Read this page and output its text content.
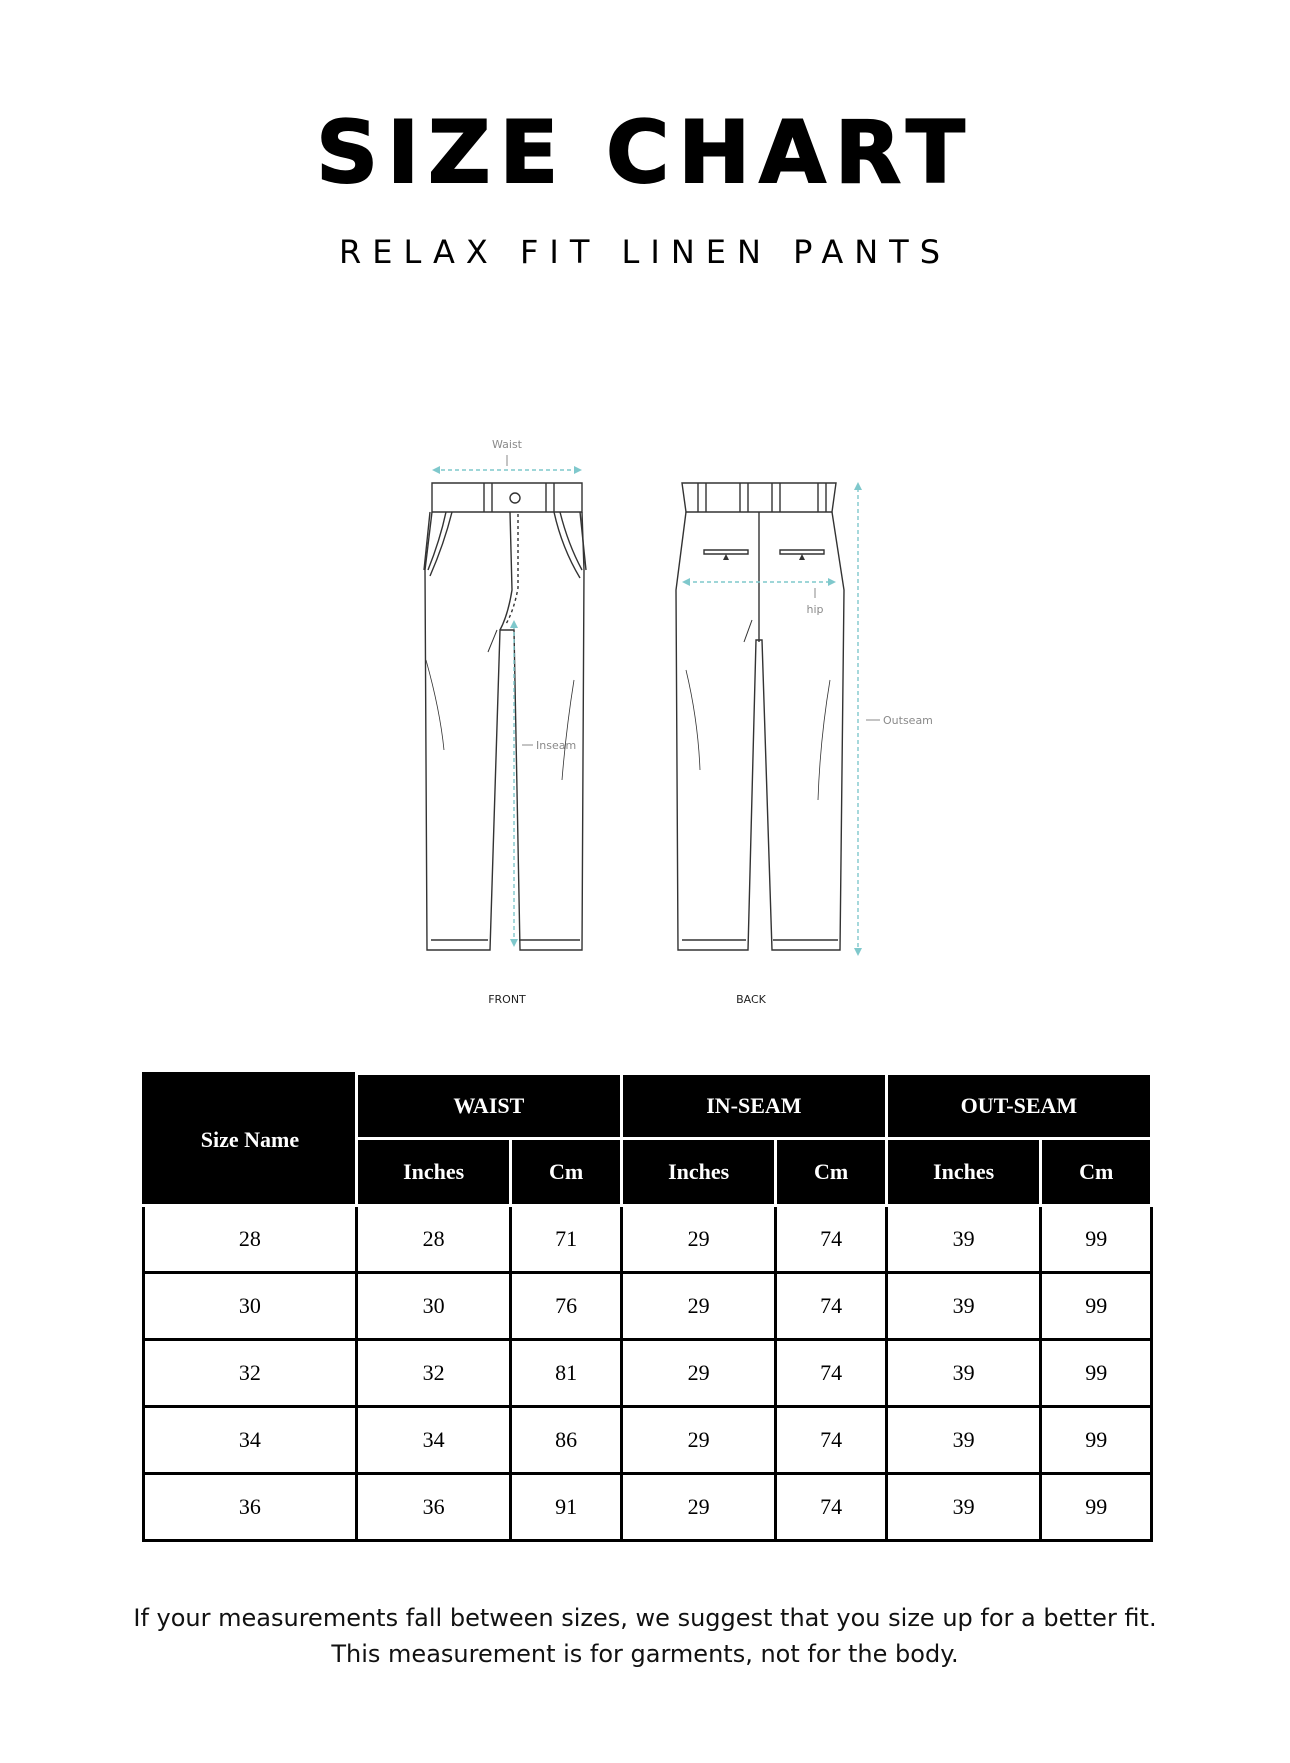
SIZE CHART
RELAX FIT LINEN PANTS
Waist
Inseam
FRONT
hip
Outseam
BACK
Size Name	WAIST		IN-SEAM		OUT-SEAM	
	Inches	Cm	Inches	Cm	Inches	Cm
28	28	71	29	74	39	99
30	30	76	29	74	39	99
32	32	81	29	74	39	99
34	34	86	29	74	39	99
36	36	91	29	74	39	99
If your measurements fall between sizes, we suggest that you size up for a better fit.
This measurement is for garments, not for the body.
